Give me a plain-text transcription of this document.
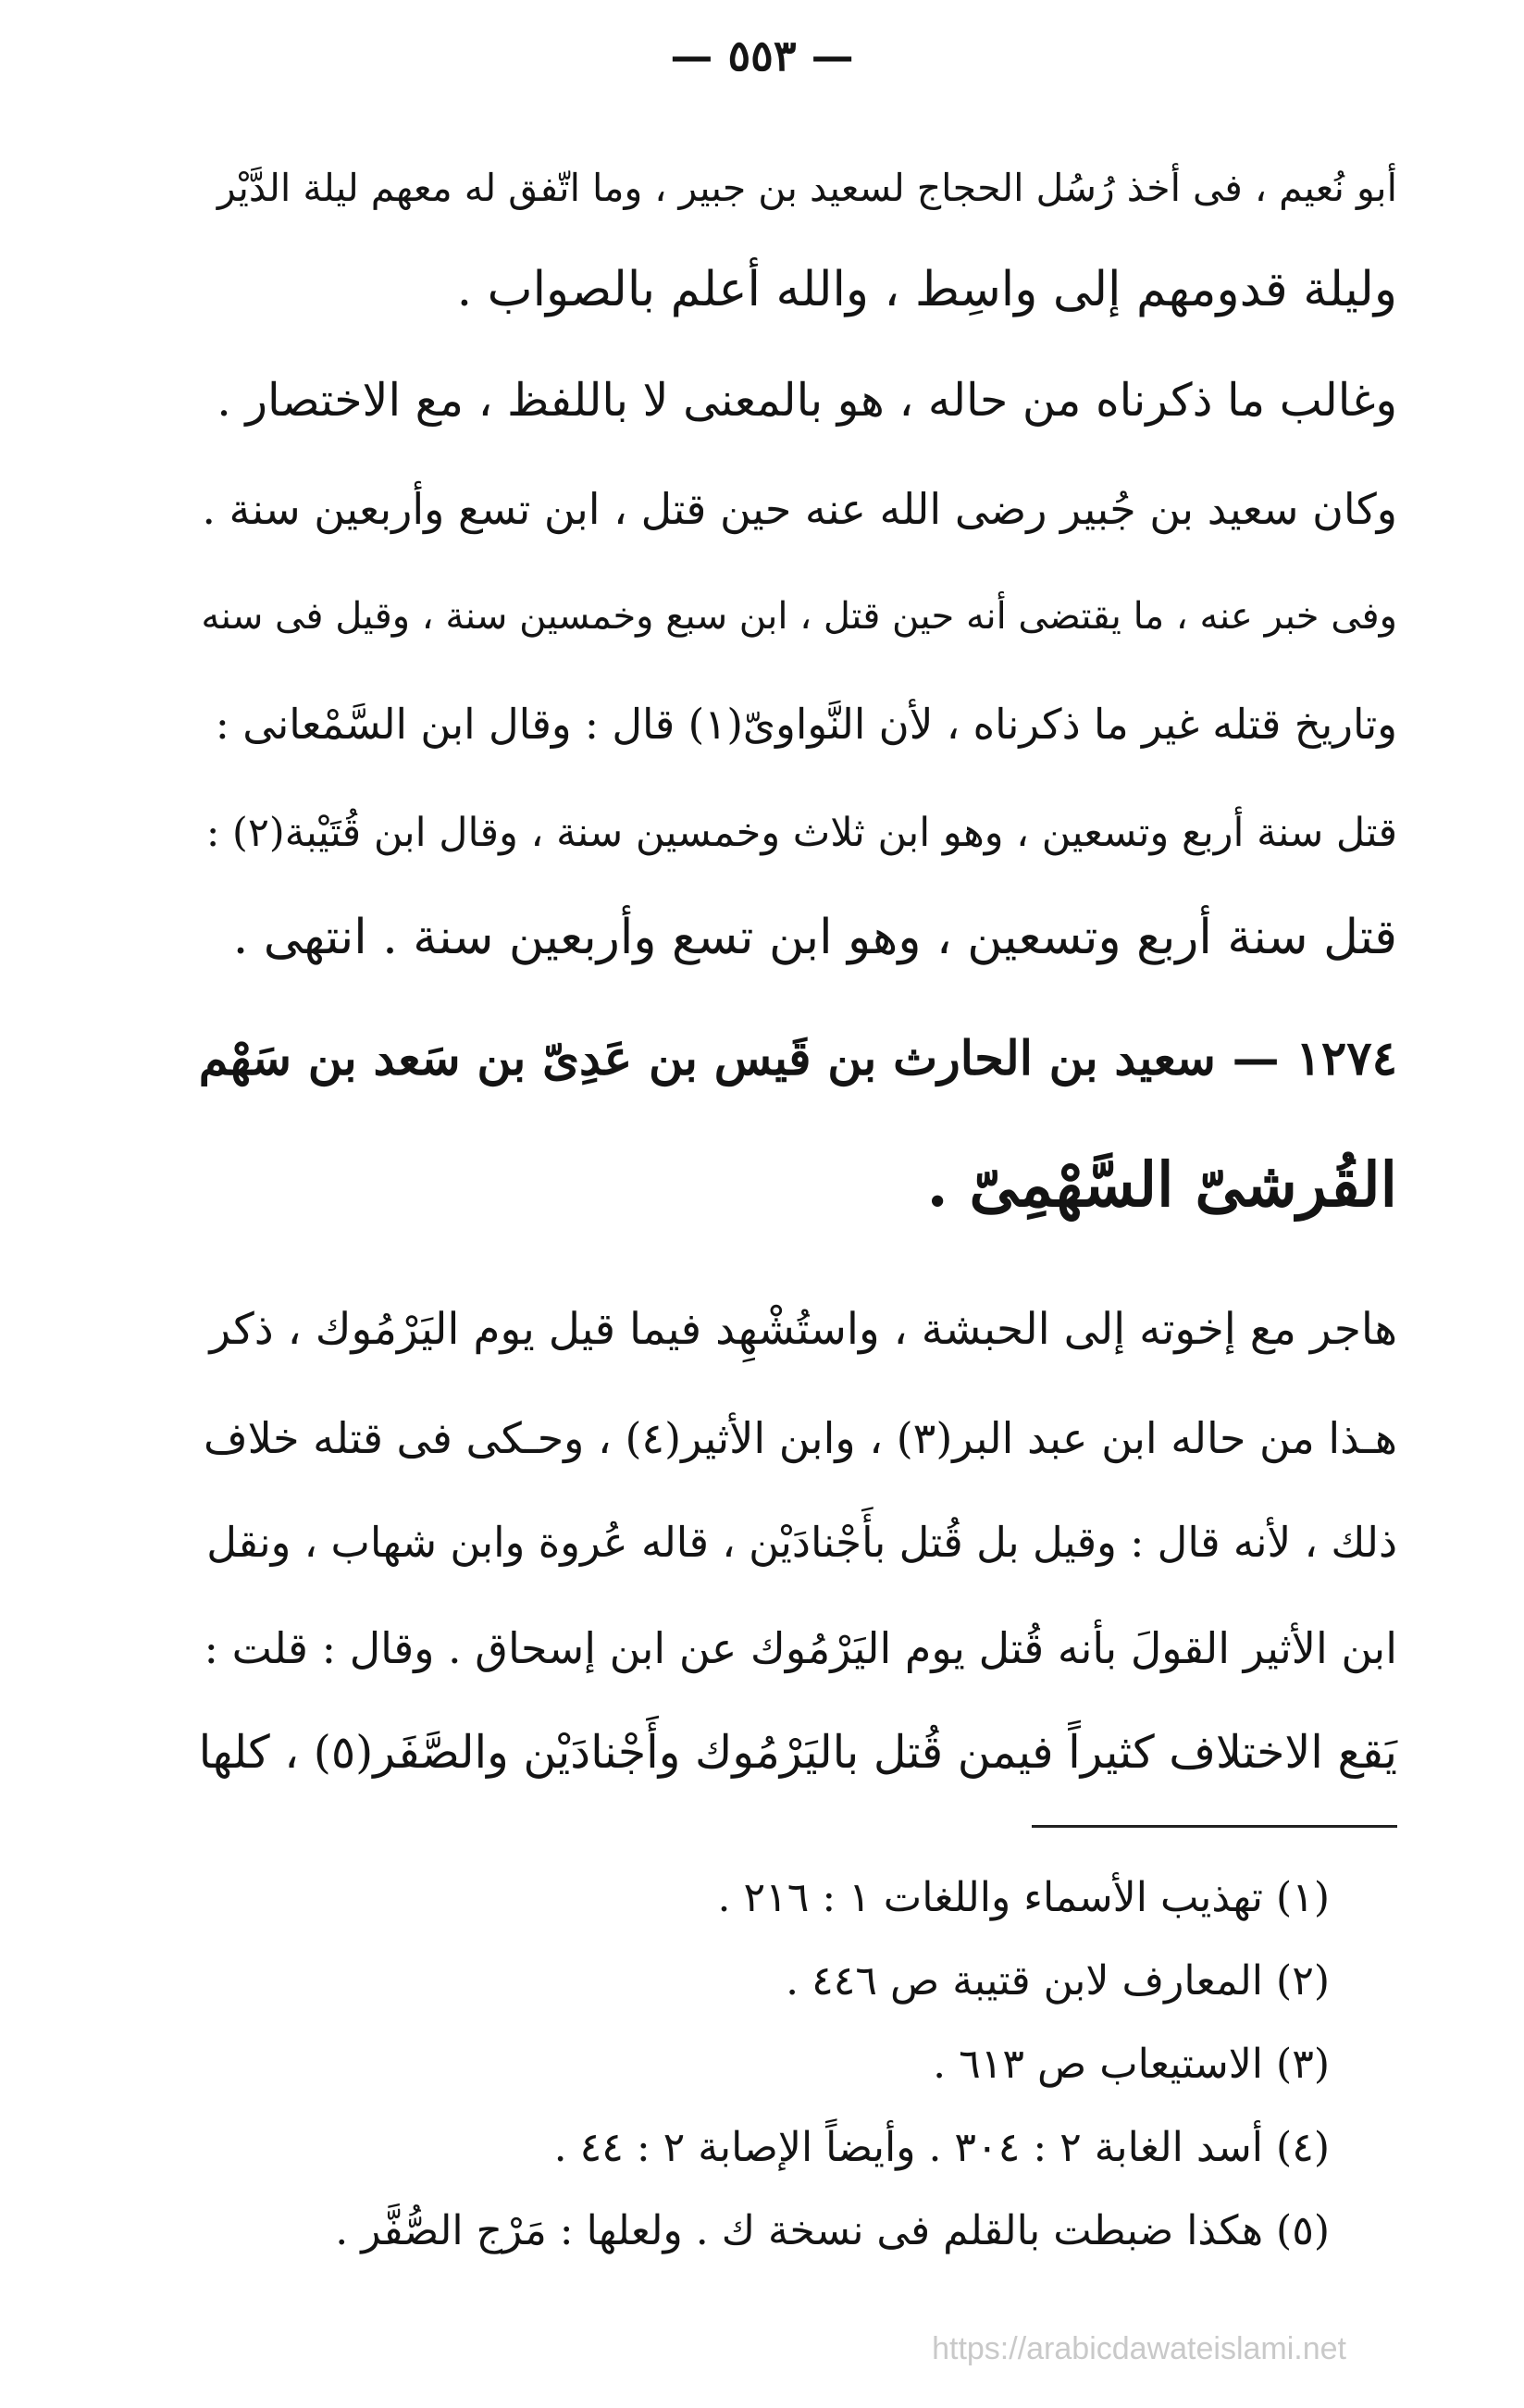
— ٥٥٣ —
أبو نُعيم ، فى أخذ رُسُل الحجاج لسعيد بن جبير ، وما اتّفق له معهم ليلة الدَّيْر
وليلة قدومهم إلى واسِط ، والله أعلم بالصواب .
وغالب ما ذكرناه من حاله ، هو بالمعنى لا باللفظ ، مع الاختصار .
وكان سعيد بن جُبير رضى الله عنه حين قتل ، ابن تسع وأربعين سنة .
وفى خبر عنه ، ما يقتضى أنه حين قتل ، ابن سبع وخمسين سنة ، وقيل فى سنه
وتاريخ قتله غير ما ذكرناه ، لأن النَّواوىّ(١) قال : وقال ابن السَّمْعانى :
قتل سنة أربع وتسعين ، وهو ابن ثلاث وخمسين سنة ، وقال ابن قُتَيْبة(٢) :
قتل سنة أربع وتسعين ، وهو ابن تسع وأربعين سنة . انتهى .
١٢٧٤ — سعيد بن الحارث بن قَيس بن عَدِىّ بن سَعد بن سَهْم
القُرشىّ السَّهْمِىّ .
هاجر مع إخوته إلى الحبشة ، واستُشْهِد فيما قيل يوم اليَرْمُوك ، ذكر
هـذا من حاله ابن عبد البر(٣) ، وابن الأثير(٤) ، وحـكى فى قتله خلاف
ذلك ، لأنه قال : وقيل بل قُتل بأَجْنادَيْن ، قاله عُروة وابن شهاب ، ونقل
ابن الأثير القولَ بأنه قُتل يوم اليَرْمُوك عن ابن إسحاق . وقال : قلت :
يَقع الاختلاف كثيراً فيمن قُتل باليَرْمُوك وأَجْنادَيْن والصَّفَر(٥) ، كلها
(١) تهذيب الأسماء واللغات ١ : ٢١٦ .
(٢) المعارف لابن قتيبة ص ٤٤٦ .
(٣) الاستيعاب ص ٦١٣ .
(٤) أسد الغابة ٢ : ٣٠٤ . وأيضاً الإصابة ٢ : ٤٤ .
(٥) هكذا ضبطت بالقلم فى نسخة ك . ولعلها : مَرْج الصُّفَّر .
https://arabicdawateislami.net
